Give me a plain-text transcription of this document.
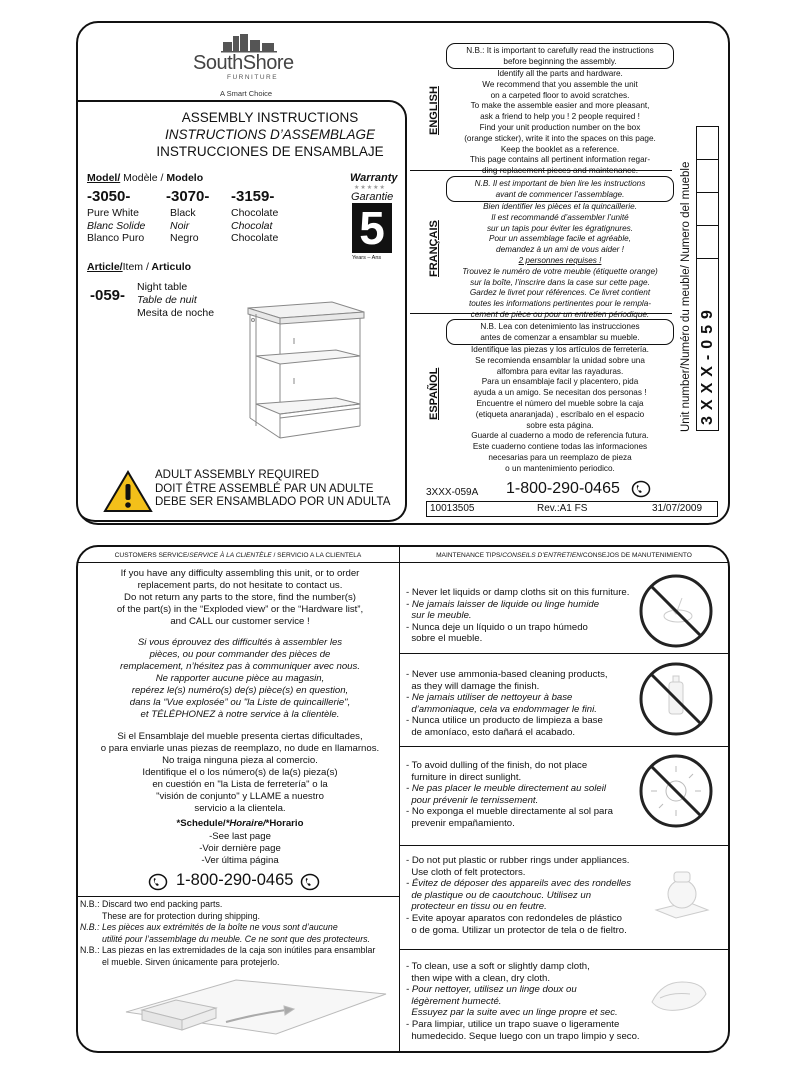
SouthShore
FURNITURE
A Smart Choice
ASSEMBLY INSTRUCTIONS
INSTRUCTIONS D’ASSEMBLAGE
INSTRUCCIONES DE ENSAMBLAJE
Model/ Modèle / Modelo
-3050-
Pure White
Blanc Solide
Blanco Puro
-3070-
Black
Noir
Negro
-3159-
Chocolate
Chocolat
Chocolate
Warranty
★★★★★
Garantie
5
Years – Ans
Article/Item / Articulo
-059- Night table
Table de nuit
Mesita de noche
ADULT ASSEMBLY REQUIRED
DOIT ÊTRE ASSEMBLÉ PAR UN ADULTE
DEBE SER ENSAMBLADO POR UN ADULTA
ENGLISH
FRANÇAIS
ESPAÑOL
N.B.: It is important to carefully read the instructions
before beginning the assembly.
Identify all the parts and hardware.
We recommend that you assemble the unit
on a carpeted floor to avoid scratches.
To make the assemble easier and more pleasant,
ask a friend to help you ! 2 people required !
Find your unit production number on the box
(orange sticker), write it into the spaces on this page.
Keep the booklet as a reference.
This page contains all pertinent information regar-
ding replacement pieces and maintenance.
N.B. Il est important de bien lire les instructions
avant de commencer l’assemblage.
Bien identifier les pièces et la quincaillerie.
Il est recommandé d’assembler l’unité
sur un tapis pour éviter les égratignures.
Pour un assemblage facile et agréable,
demandez à un ami de vous aider !
2 personnes requises !
Trouvez le numéro de votre meuble (étiquette orange)
sur la boîte, l’inscrire dans la case sur cette page.
Gardez le livret pour références. Ce livret contient
toutes les informations pertinentes pour le rempla-
cement de pièce ou pour un entretien périodique.
N.B. Lea con detenimiento las instrucciones
antes de comenzar a ensamblar su mueble.
Identifique las piezas y los artículos de ferretería.
Se recomienda ensamblar la unidad sobre una
alfombra para evitar las rayaduras.
Para un ensamblaje facil y placentero, pida
ayuda a un amigo. Se necesitan dos personas !
Encuentre el número del mueble sobre la caja
(etiqueta anaranjada) , escríbalo en el espacio
sobre esta página.
Guarde al cuaderno a modo de referencia futura.
Este cuaderno contiene todas las informaciones
necesarias para un reemplazo de pieza
o un mantenimiento periodico.
Unit number/Numéro du meuble/ Numero del mueble 3XXX-059
3XXX-059A 1-800-290-0465
10013505	Rev.:A1 FS	31/07/2009
CUSTOMERS SERVICE/SERVICE À LA CLIENTÈLE / SERVICIO A LA CLIENTELA	MAINTENANCE TIPS/CONSEILS D’ENTRETIEN/CONSEJOS DE MANUTENIMIENTO
If you have any difficulty assembling this unit, or to order
replacement parts, do not hesitate to contact us.
Do not return any parts to the store, find the number(s)
of the part(s) in the “Exploded view” or the “Hardware list”,
and CALL our customer service !
Si vous éprouvez des difficultés à assembler les
pièces, ou pour commander des pièces de
remplacement, n’hésitez pas à communiquer avec nous.
Ne rapporter aucune pièce au magasin,
repérez le(s) numéro(s) de(s) pièce(s) en question,
dans la “Vue explosée” ou "la Liste de quincaillerie",
et TÉLÉPHONEZ à notre service à la clientèle.
Si el Ensamblaje del mueble presenta ciertas dificultades,
o para enviarle unas piezas de reemplazo, no dude en llamarnos.
No traiga ninguna pieza al comercio.
Identifique el o los número(s) de la(s) pieza(s)
en cuestión en "la Lista de ferretería" o la
"visión de conjunto" y LLAME a nuestro
servicio a la clientela.
*Schedule/*Horaire/*Horario
-See last page
-Voir dernière page
-Ver última página
1-800-290-0465
N.B.: Discard two end packing parts.
These are for protection during shipping.
N.B.: Les pièces aux extrémités de la boîte ne vous sont d’aucune
utilité pour l’assemblage du meuble. Ce ne sont que des protecteurs.
N.B.: Las piezas en las extremidades de la caja son inútiles para ensamblar
el mueble. Sirven únicamente para protejerlo.
- Never let liquids or damp cloths sit on this furniture.
- Ne jamais laisser de liquide ou linge humide
sur le meuble.
- Nunca deje un líquido o un trapo húmedo
sobre el mueble.
- Never use ammonia-based cleaning products,
as they will damage the finish.
- Ne jamais utiliser de nettoyeur à base
d’ammoniaque, cela va endommager le fini.
- Nunca utilice un producto de limpieza a base
de amoníaco, esto dañará el acabado.
- To avoid dulling of the finish, do not place
furniture in direct sunlight.
- Ne pas placer le meuble directement au soleil
pour prévenir le ternissement.
- No exponga el mueble directamente al sol para
prevenir empañamiento.
- Do not put plastic or rubber rings under appliances.
Use cloth of felt protectors.
- Évitez de déposer des appareils avec des rondelles
de plastique ou de caoutchouc. Utilisez un
protecteur en tissu ou en feutre.
- Evite apoyar aparatos con redondeles de plástico
o de goma. Utilizar un protector de tela o de fieltro.
- To clean, use a soft or slightly damp cloth,
then wipe with a clean, dry cloth.
- Pour nettoyer, utilisez un linge doux ou
légèrement humecté.
Essuyez par la suite avec un linge propre et sec.
- Para limpiar, utilice un trapo suave o ligeramente
humedecido. Seque luego con un trapo limpio y seco.
